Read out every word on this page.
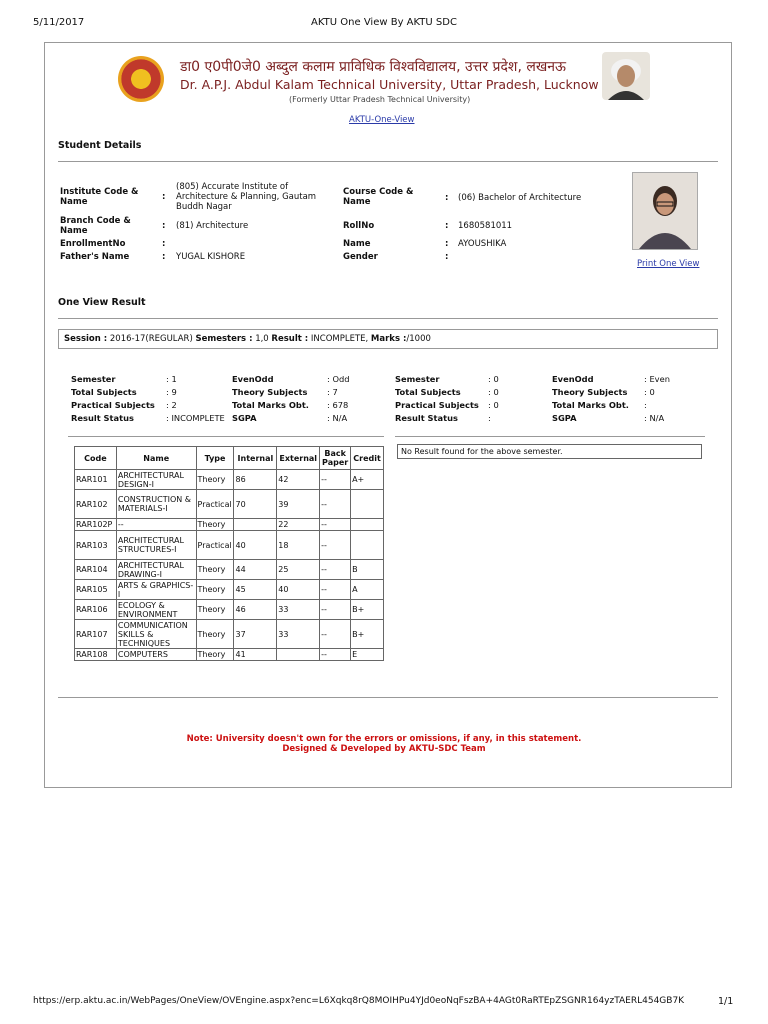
5/11/2017	AKTU One View By AKTU SDC
डा0 ए0पी0जे0 अब्दुल कलाम प्राविधिक विश्वविद्यालय, उत्तर प्रदेश, लखनऊ
Dr. A.P.J. Abdul Kalam Technical University, Uttar Pradesh, Lucknow
(Formerly Uttar Pradesh Technical University)
AKTU-One-View
Student Details
Institute Code & Name	:
(805) Accurate Institute of Architecture & Planning, Gautam Buddh Nagar
Course Code & Name	: (06) Bachelor of Architecture
Branch Code & Name	: (81) Architecture	RollNo	: 1680581011
EnrollmentNo	:	Name	: AYOUSHIKA
Father's Name	: YUGAL KISHORE	Gender	:
Print One View
One View Result
Session : 2016-17(REGULAR) Semesters : 1,0 Result : INCOMPLETE, Marks :/1000
Semester	: 1	EvenOdd	: Odd
Total Subjects	: 9	Theory Subjects : 7
Practical Subjects : 2	Total Marks Obt. : 678
Result Status	: INCOMPLETE SGPA	: N/A
Semester	: 0	EvenOdd	: Even
Total Subjects	: 0	Theory Subjects : 0
Practical Subjects : 0	Total Marks Obt. :
Result Status	:	SGPA	: N/A
No Result found for the above semester.
Code	Name	Type	Internal	External	Back Paper	Credit
RAR101	ARCHITECTURAL DESIGN-I	Theory	86	42	--	A+
RAR102	CONSTRUCTION & MATERIALS-I	Practical	70	39	--	
RAR102P	--	Theory		22	--	
RAR103	ARCHITECTURAL STRUCTURES-I	Practical	40	18	--	
RAR104	ARCHITECTURAL DRAWING-I	Theory	44	25	--	B
RAR105	ARTS & GRAPHICS-I	Theory	45	40	--	A
RAR106	ECOLOGY & ENVIRONMENT	Theory	46	33	--	B+
RAR107	COMMUNICATION SKILLS & TECHNIQUES	Theory	37	33	--	B+
RAR108	COMPUTERS	Theory	41		--	E
Note: University doesn't own for the errors or omissions, if any, in this statement.
Designed & Developed by AKTU-SDC Team
https://erp.aktu.ac.in/WebPages/OneView/OVEngine.aspx?enc=L6Xqkq8rQ8MOIHPu4YJd0eoNqFszBA+4AGt0RaRTEpZSGNR164yzTAERL454GB7K	1/1
